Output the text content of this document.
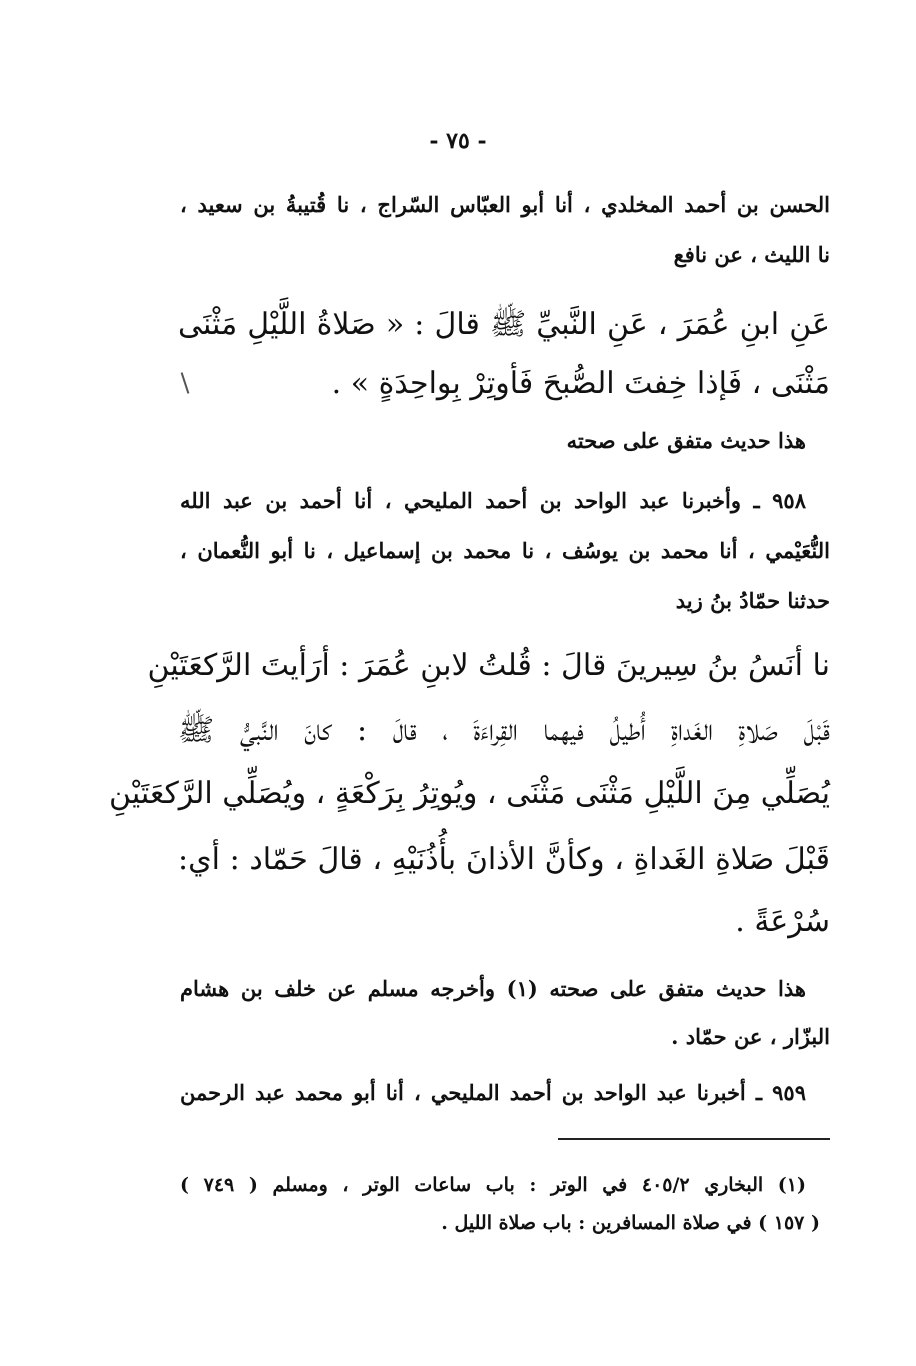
- ٧٥ -
الحسن بن أحمد المخلدي ، أنا أبو العبّاس السّراج ، نا قُتيبةُ بن سعيد ،
نا الليث ، عن نافع
عَنِ ابنِ عُمَرَ ، عَنِ النَّبيِّ ﷺ قالَ : « صَلاةُ اللَّيْلِ مَثْنَى
مَثْنَى ، فَإذا خِفتَ الصُّبحَ فَأوتِرْ بِواحِدَةٍ » .
هذا حديث متفق على صحته
٩٥٨ ـ وأخبرنا عبد الواحد بن أحمد المليحي ، أنا أحمد بن عبد الله
النُّعَيْمي ، أنا محمد بن يوسُف ، نا محمد بن إسماعيل ، نا أبو النُّعمان ،
حدثنا حمّادُ بنُ زيد
نا أنَسُ بنُ سِيرينَ قالَ : قُلتُ لابنِ عُمَرَ : أرَأيتَ الرَّكعَتَيْنِ
قَبْلَ صَلاةِ الغَداةِ أُطيلُ فيهما القِراءَةَ ، قالَ : كانَ النَّبيُّ ﷺ
يُصَلِّي مِنَ اللَّيْلِ مَثْنَى مَثْنَى ، ويُوتِرُ بِرَكْعَةٍ ، ويُصَلِّي الرَّكعَتَيْنِ
قَبْلَ صَلاةِ الغَداةِ ، وكأنَّ الأذانَ بأُذُنَيْهِ ، قالَ حَمّاد : أي:
سُرْعَةً .
هذا حديث متفق على صحته (١) وأخرجه مسلم عن خلف بن هشام
البزّار ، عن حمّاد .
٩٥٩ ـ أخبرنا عبد الواحد بن أحمد المليحي ، أنا أبو محمد عبد الرحمن
(١) البخاري ٤٠٥/٢ في الوتر : باب ساعات الوتر ، ومسلم ( ٧٤٩ )
( ١٥٧ ) في صلاة المسافرين : باب صلاة الليل .
